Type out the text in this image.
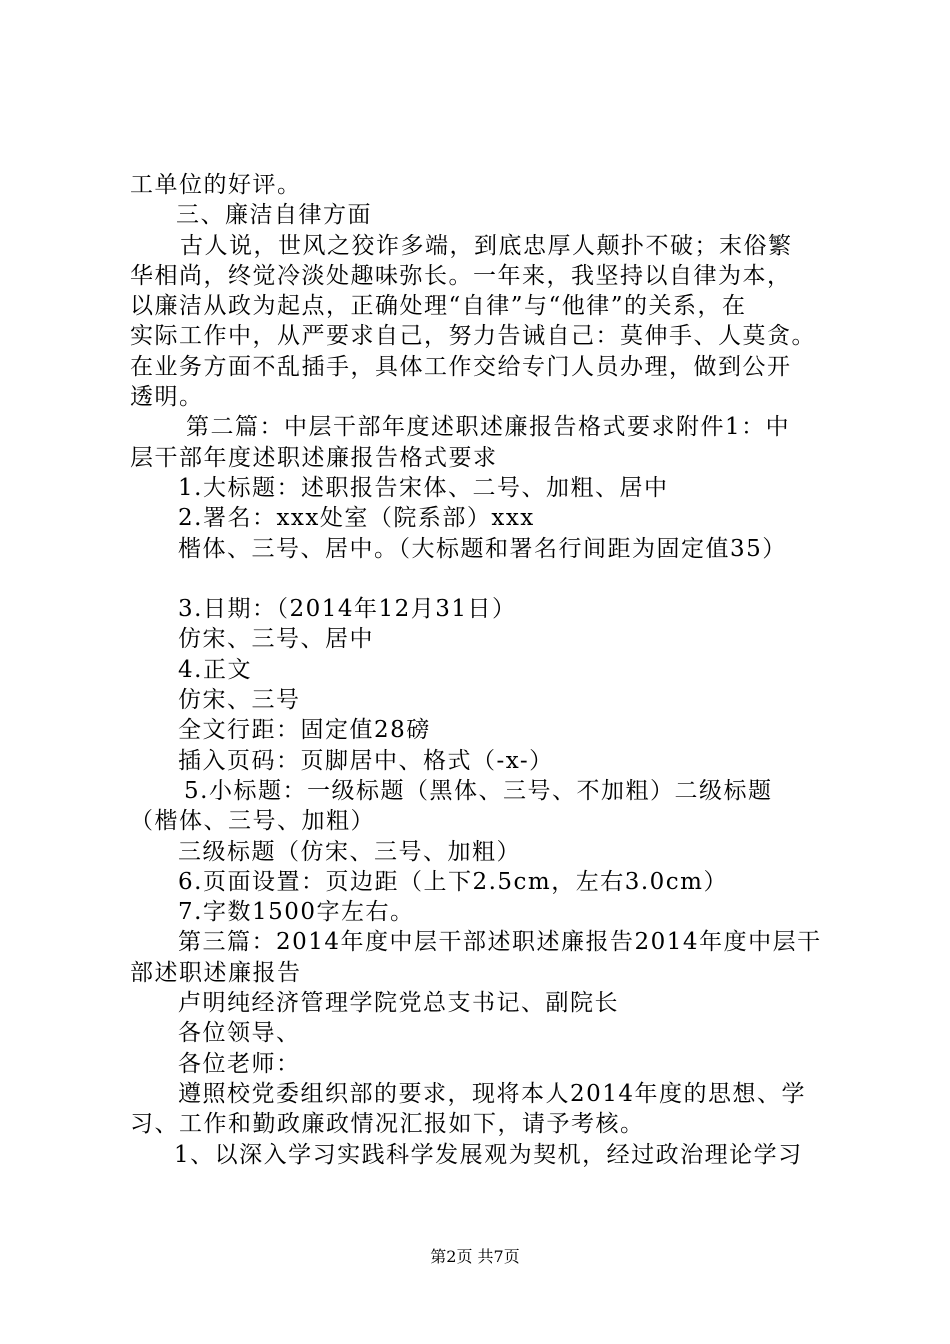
工单位的好评。
三、廉洁自律方面
古人说，世风之狡诈多端，到底忠厚人颠扑不破；末俗繁
华相尚，终觉冷淡处趣味弥长。一年来，我坚持以自律为本，
以廉洁从政为起点，正确处理“自律”与“他律”的关系，在
实际工作中，从严要求自己，努力告诫自己：莫伸手、人莫贪。
在业务方面不乱插手，具体工作交给专门人员办理，做到公开
透明。
第二篇：中层干部年度述职述廉报告格式要求附件1：中
层干部年度述职述廉报告格式要求
1.大标题：述职报告宋体、二号、加粗、居中
2.署名：xxx处室（院系部）xxx
楷体、三号、居中。（大标题和署名行间距为固定值35）
3.日期：（2014年12月31日）
仿宋、三号、居中
4.正文
仿宋、三号
全文行距：固定值28磅
插入页码：页脚居中、格式（-x-）
5.小标题：一级标题（黑体、三号、不加粗）二级标题
（楷体、三号、加粗）
三级标题（仿宋、三号、加粗）
6.页面设置：页边距（上下2.5cm，左右3.0cm）
7.字数1500字左右。
第三篇：2014年度中层干部述职述廉报告2014年度中层干
部述职述廉报告
卢明纯经济管理学院党总支书记、副院长
各位领导、
各位老师：
遵照校党委组织部的要求，现将本人2014年度的思想、学
习、工作和勤政廉政情况汇报如下，请予考核。
1、以深入学习实践科学发展观为契机，经过政治理论学习
第2页 共7页
